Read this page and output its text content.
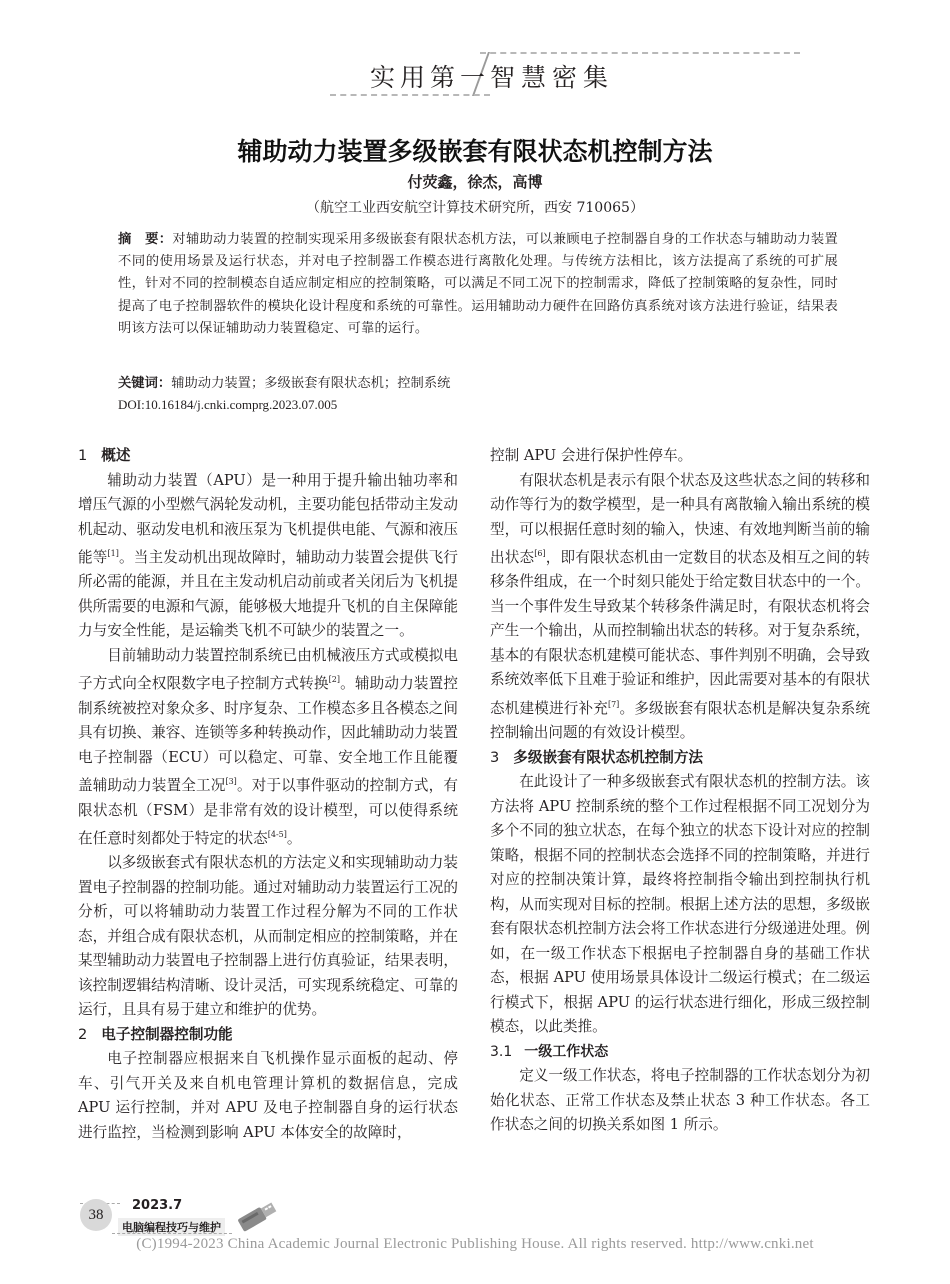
实用第一 智慧密集
辅助动力装置多级嵌套有限状态机控制方法
付荧鑫，徐杰，高博
（航空工业西安航空计算技术研究所，西安 710065）
摘　要：对辅助动力装置的控制实现采用多级嵌套有限状态机方法，可以兼顾电子控制器自身的工作状态与辅助动力装置不同的使用场景及运行状态，并对电子控制器工作模态进行离散化处理。与传统方法相比，该方法提高了系统的可扩展性，针对不同的控制模态自适应制定相应的控制策略，可以满足不同工况下的控制需求，降低了控制策略的复杂性，同时提高了电子控制器软件的模块化设计程度和系统的可靠性。运用辅助动力硬件在回路仿真系统对该方法进行验证，结果表明该方法可以保证辅助动力装置稳定、可靠的运行。
关键词：辅助动力装置；多级嵌套有限状态机；控制系统
DOI:10.16184/j.cnki.comprg.2023.07.005
1 概述

辅助动力装置（APU）是一种用于提升输出轴功率和增压气源的小型燃气涡轮发动机，主要功能包括带动主发动机起动、驱动发电机和液压泵为飞机提供电能、气源和液压能等[1]。当主发动机出现故障时，辅助动力装置会提供飞行所必需的能源，并且在主发动机启动前或者关闭后为飞机提供所需要的电源和气源，能够极大地提升飞机的自主保障能力与安全性能，是运输类飞机不可缺少的装置之一。

目前辅助动力装置控制系统已由机械液压方式或模拟电子方式向全权限数字电子控制方式转换[2]。辅助动力装置控制系统被控对象众多、时序复杂、工作模态多且各模态之间具有切换、兼容、连锁等多种转换动作，因此辅助动力装置电子控制器（ECU）可以稳定、可靠、安全地工作且能覆盖辅助动力装置全工况[3]。对于以事件驱动的控制方式，有限状态机（FSM）是非常有效的设计模型，可以使得系统在任意时刻都处于特定的状态[4-5]。

以多级嵌套式有限状态机的方法定义和实现辅助动力装置电子控制器的控制功能。通过对辅助动力装置运行工况的分析，可以将辅助动力装置工作过程分解为不同的工作状态，并组合成有限状态机，从而制定相应的控制策略，并在某型辅助动力装置电子控制器上进行仿真验证，结果表明，该控制逻辑结构清晰、设计灵活，可实现系统稳定、可靠的运行，且具有易于建立和维护的优势。

2 电子控制器控制功能

电子控制器应根据来自飞机操作显示面板的起动、停车、引气开关及来自机电管理计算机的数据信息，完成 APU 运行控制，并对 APU 及电子控制器自身的运行状态进行监控，当检测到影响 APU 本体安全的故障时，

控制 APU 会进行保护性停车。

有限状态机是表示有限个状态及这些状态之间的转移和动作等行为的数学模型，是一种具有离散输入输出系统的模型，可以根据任意时刻的输入，快速、有效地判断当前的输出状态[6]，即有限状态机由一定数目的状态及相互之间的转移条件组成，在一个时刻只能处于给定数目状态中的一个。当一个事件发生导致某个转移条件满足时，有限状态机将会产生一个输出，从而控制输出状态的转移。对于复杂系统，基本的有限状态机建模可能状态、事件判别不明确，会导致系统效率低下且难于验证和维护，因此需要对基本的有限状态机建模进行补充[7]。多级嵌套有限状态机是解决复杂系统控制输出问题的有效设计模型。

3 多级嵌套有限状态机控制方法

在此设计了一种多级嵌套式有限状态机的控制方法。该方法将 APU 控制系统的整个工作过程根据不同工况划分为多个不同的独立状态，在每个独立的状态下设计对应的控制策略，根据不同的控制状态会选择不同的控制策略，并进行对应的控制决策计算，最终将控制指令输出到控制执行机构，从而实现对目标的控制。根据上述方法的思想，多级嵌套有限状态机控制方法会将工作状态进行分级递进处理。例如，在一级工作状态下根据电子控制器自身的基础工作状态，根据 APU 使用场景具体设计二级运行模式；在二级运行模式下，根据 APU 的运行状态进行细化，形成三级控制模态，以此类推。

3.1 一级工作状态

定义一级工作状态，将电子控制器的工作状态划分为初始化状态、正常工作状态及禁止状态 3 种工作状态。各工作状态之间的切换关系如图 1 所示。

38
2023.7
电脑编程技巧与维护
(C)1994-2023 China Academic Journal Electronic Publishing House. All rights reserved. http://www.cnki.net
